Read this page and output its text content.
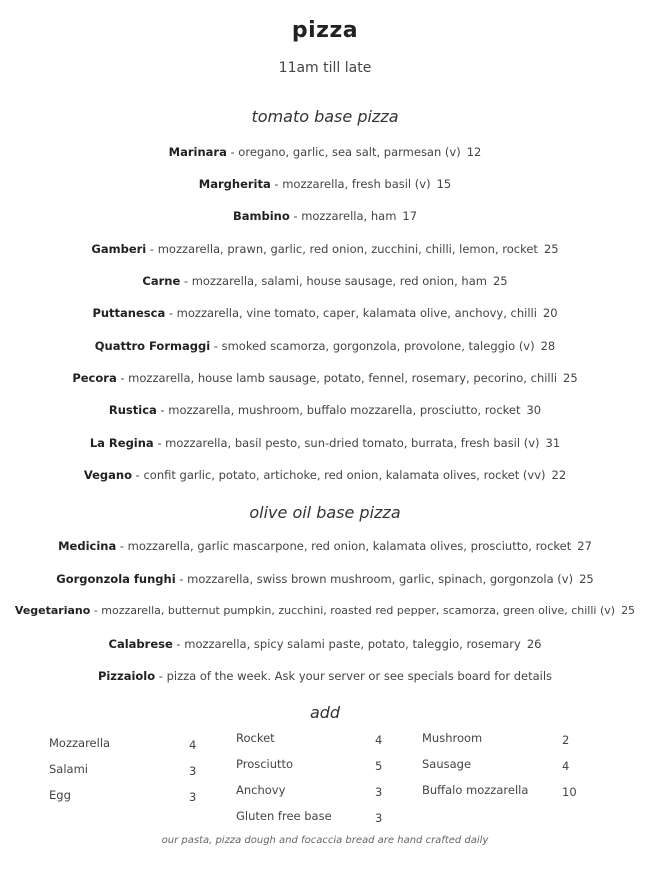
pizza
11am till late
tomato base pizza
Marinara - oregano, garlic, sea salt, parmesan (v) 12
Margherita - mozzarella, fresh basil (v) 15
Bambino - mozzarella, ham 17
Gamberi - mozzarella, prawn, garlic, red onion, zucchini, chilli, lemon, rocket 25
Carne - mozzarella, salami, house sausage, red onion, ham 25
Puttanesca - mozzarella, vine tomato, caper, kalamata olive, anchovy, chilli 20
Quattro Formaggi - smoked scamorza, gorgonzola, provolone, taleggio (v) 28
Pecora - mozzarella, house lamb sausage, potato, fennel, rosemary, pecorino, chilli 25
Rustica - mozzarella, mushroom, buffalo mozzarella, prosciutto, rocket 30
La Regina - mozzarella, basil pesto, sun-dried tomato, burrata, fresh basil (v) 31
Vegano - confit garlic, potato, artichoke, red onion, kalamata olives, rocket (vv) 22
olive oil base pizza
Medicina - mozzarella, garlic mascarpone, red onion, kalamata olives, prosciutto, rocket 27
Gorgonzola funghi - mozzarella, swiss brown mushroom, garlic, spinach, gorgonzola (v) 25
Vegetariano - mozzarella, butternut pumpkin, zucchini, roasted red pepper, scamorza, green olive, chilli (v) 25
Calabrese - mozzarella, spicy salami paste, potato, taleggio, rosemary 26
Pizzaiolo - pizza of the week. Ask your server or see specials board for details
add
Mozzarella	4
Salami	3
Egg	3
Rocket	4
Prosciutto	5
Anchovy	3
Gluten free base	3
Mushroom	2
Sausage	4
Buffalo mozzarella	10
our pasta, pizza dough and focaccia bread are hand crafted daily
